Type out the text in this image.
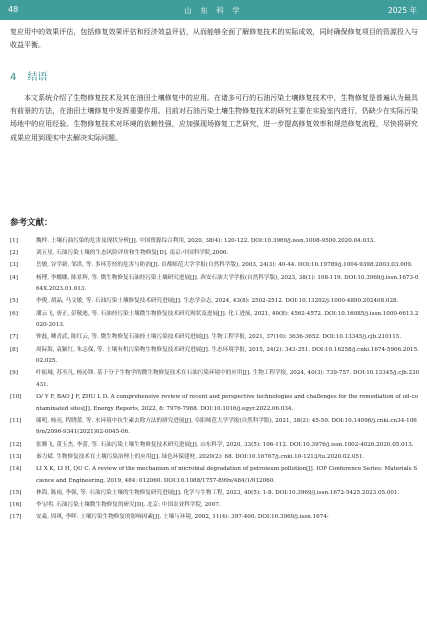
48	山 东 科 学	2025 年

复应用中的效果评估，包括修复效果评估和经济效益评估，从而能够全面了解修复技术的实际成效，同时确保修复项目的资源投入与收益平衡。

4 结语

本文系统介绍了生物修复技术及其在油田土壤修复中的应用。在诸多可行的石油污染土壤修复技术中，生物修复是普遍认为最具有前景的方法，在油田土壤修复中发挥重要作用。目前对石油污染土壤生物修复技术的研究主要在实验室内进行，仍缺少在实际污染场地中的应用经验。生物修复技术对环境的依赖性强，应加强现场修复工艺研究，进一步提高修复效率和规范修复流程，尽快将研究成果应用到现实中去解决实际问题。

参考文献：
[1]	魏样. 土壤石油污染的危害及现状分析[J]. 中国资源综合利用, 2020, 38(4): 120-122. DOI:10.3969/j.issn.1008-9500.2020.04.033.
[2]	刘五星. 石油污染土壤的生态风险评价和生物修复[D]. 南京:中国科学院,2006.
[3]	岳敏, 谷学新, 邹洪, 等. 多环芳烃的危害与防治[J]. 首都师范大学学报(自然科学版), 2003, 24(3): 40-44. DOI:10.19789/j.1004-9398.2003.03.009.
[4]	杨博, 李娜娜, 陈景辉, 等. 微生物修复石油烃污染土壤研究进展[J]. 西安石油大学学报(自然科学版), 2023, 38(1): 108-119. DOI:10.3969/j.issn.1673-064X.2023.01.013.
[5]	李俊, 胡晶, 马文敏, 等. 石油污染土壤修复技术研究进展[J]. 生态学杂志, 2024, 43(8): 2502-2512. DOI:10.13292/j.1000-4890.202408.028.
[6]	潘云飞, 唐正, 彭敬迪, 等. 石油烃污染土壤微生物修复技术研究现状及进展[J]. 化工进展, 2021, 40(8): 4562-4572. DOI:10.16085/j.issn.1000-6613.2020-2013.
[7]	钟磊, 卿青武, 陈红云, 等. 微生物修复石油烃土壤污染技术研究进展[J]. 生物工程学报, 2021, 37(10): 3636-3652. DOI:10.13345/j.cjb.210115.
[8]	周际海, 袁颖红, 朱志保, 等. 土壤有机污染物生物修复技术研究进展[J]. 生态环境学报, 2015, 24(2): 343-351. DOI:10.16258/j.cnki.1674-5906.2015.02.025.
[9]	叶振城, 苏丞凡, 杨沁锋. 基于分子生物学的微生物修复技术在石油污染环境中的应用[J]. 生物工程学报, 2024, 40(3): 739-757. DOI:10.13345/j.cjb.230431.
[10]	LV Y F, BAO J F, ZHU L D. A comprehensive review of recent and perspective technologies and challenges for the remediation of oil-contaminated sites[J]. Energy Reports, 2022, 8: 7976-7988. DOI:10.1016/j.egyr.2022.06.034.
[11]	储明, 杨亮, 程晓蕾, 等. 水环境中抗生素去除方法的研究进展[J]. 阜阳师范大学学报(自然科学版), 2021, 38(2): 45-50. DOI:10.14096/j.cnki.cn34-1069/n/2096-9341(2021)02-0045-06.
[12]	张腾飞, 黄玉杰, 李蕾, 等. 石油污染土壤生物修复技术研究进展[J]. 山东科学, 2020, 33(5): 106-112. DOI:10.3976/j.issn.1002-4026.2020.05.013.
[13]	秦力斌. 生物修复技术在土壤污染治理上的应用[J]. 绿色环保建材, 2020(2): 68. DOI:10.16767/j.cnki.10-1213/tu.2020.02.051.
[14]	LI X K, LI H, QU C. A review of the mechanism of microbial degradation of petroleum pollution[J]. IOP Conference Series: Materials Science and Engineering, 2019, 484: 012060. DOI:10.1088/1757-899x/484/1/012060.
[15]	林海, 陈雨, 李强, 等. 石油污染土壤的生物修复研究进展[J]. 化学与生物工程, 2023, 40(5): 1-8. DOI:10.3969/j.issn.1672-5425.2023.05.001.
[16]	李宝明. 石油污染土壤微生物修复的研究[D]. 北京: 中国农业科学院, 2007.
[17]	安淼, 周琪, 李晖. 土壤污染生物修复的影响因素[J]. 土壤与环境, 2002, 11(4): 397-400. DOI:10.3969/j.issn.1674-
